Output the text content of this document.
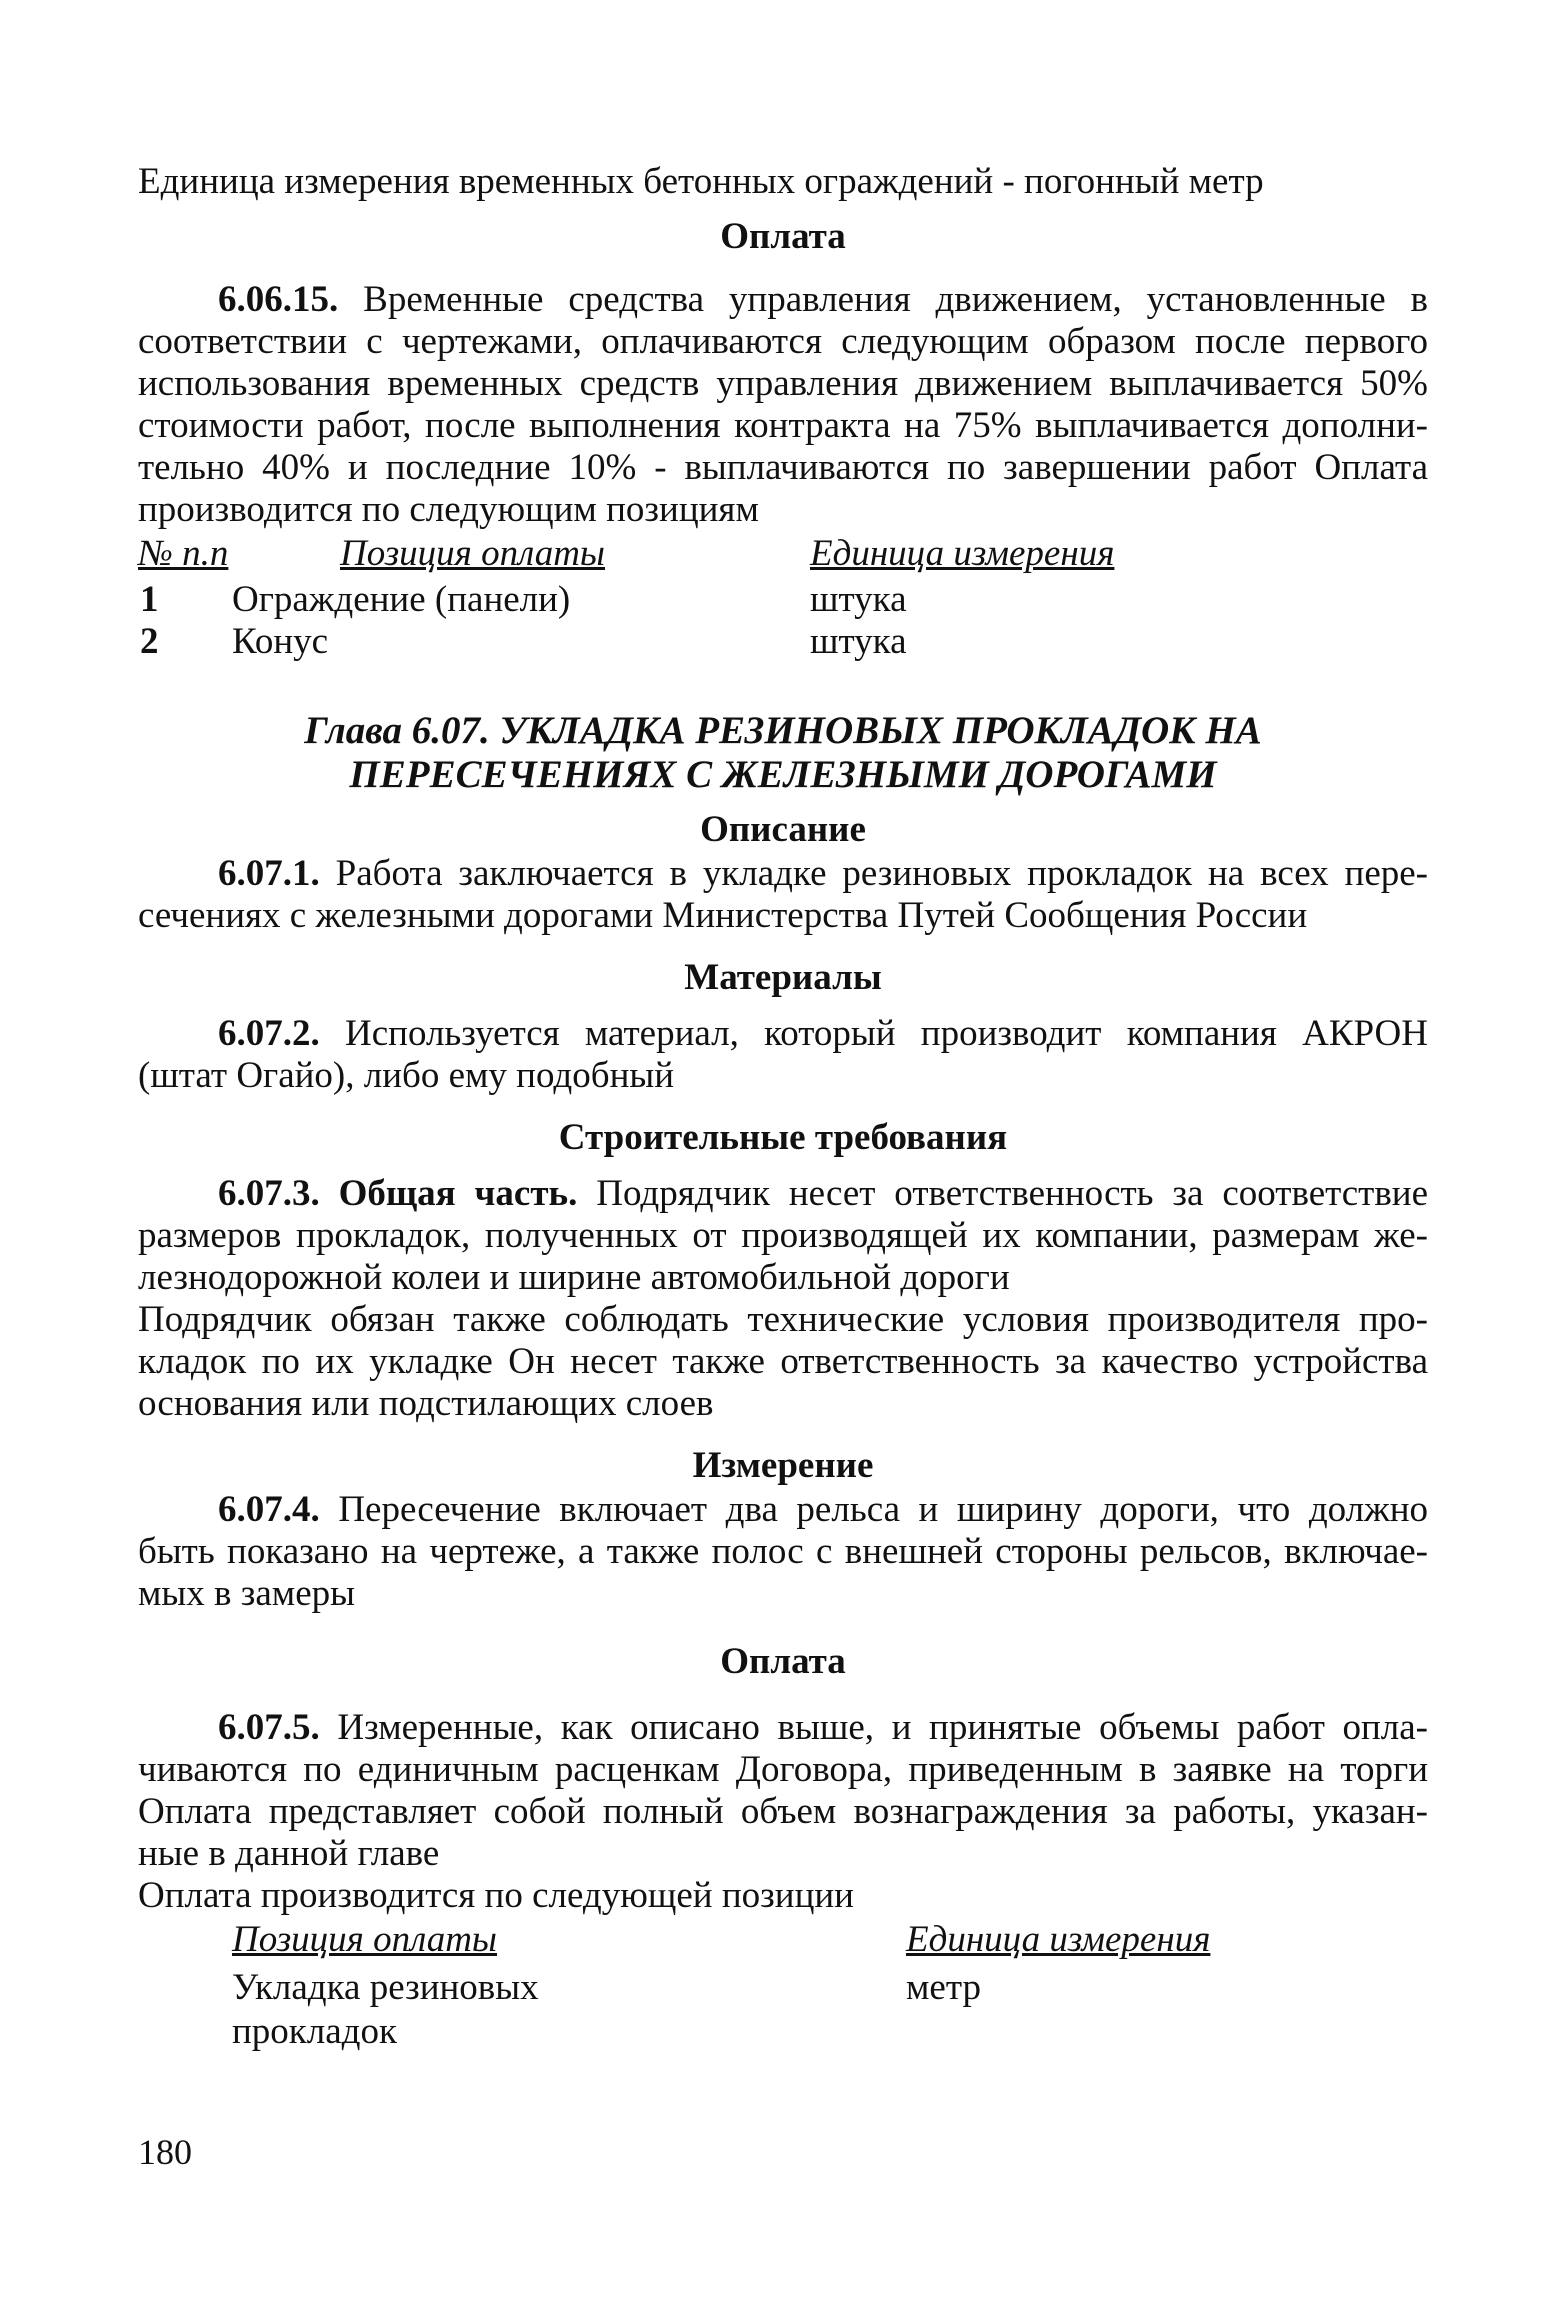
Единица измерения временных бетонных ограждений - погонный метр
Оплата
6.06.15. Временные средства управления движением, установленные в
соответствии с чертежами, оплачиваются следующим образом после первого
использования временных средств управления движением выплачивается 50%
стоимости работ, после выполнения контракта на 75% выплачивается дополни-
тельно 40% и последние 10% - выплачиваются по завершении работ Оплата
производится по следующим позициям
№ п.п	Позиция оплаты	Единица измерения
1 Ограждение (панели)	штука
2 Конус	штука
Глава 6.07. УКЛАДКА РЕЗИНОВЫХ ПРОКЛАДОК НА
ПЕРЕСЕЧЕНИЯХ С ЖЕЛЕЗНЫМИ ДОРОГАМИ
Описание
6.07.1. Работа заключается в укладке резиновых прокладок на всех пере-
сечениях с железными дорогами Министерства Путей Сообщения России
Материалы
6.07.2. Используется материал, который производит компания АКРОН
(штат Огайо), либо ему подобный
Строительные требования
6.07.3. Общая часть. Подрядчик несет ответственность за соответствие
размеров прокладок, полученных от производящей их компании, размерам же-
лезнодорожной колеи и ширине автомобильной дороги
Подрядчик обязан также соблюдать технические условия производителя про-
кладок по их укладке Он несет также ответственность за качество устройства
основания или подстилающих слоев
Измерение
6.07.4. Пересечение включает два рельса и ширину дороги, что должно
быть показано на чертеже, а также полос с внешней стороны рельсов, включае-
мых в замеры
Оплата
6.07.5. Измеренные, как описано выше, и принятые объемы работ опла-
чиваются по единичным расценкам Договора, приведенным в заявке на торги
Оплата представляет собой полный объем вознаграждения за работы, указан-
ные в данной главе
Оплата производится по следующей позиции
Позиция оплаты	Единица измерения
Укладка резиновых	метр
прокладок
180
